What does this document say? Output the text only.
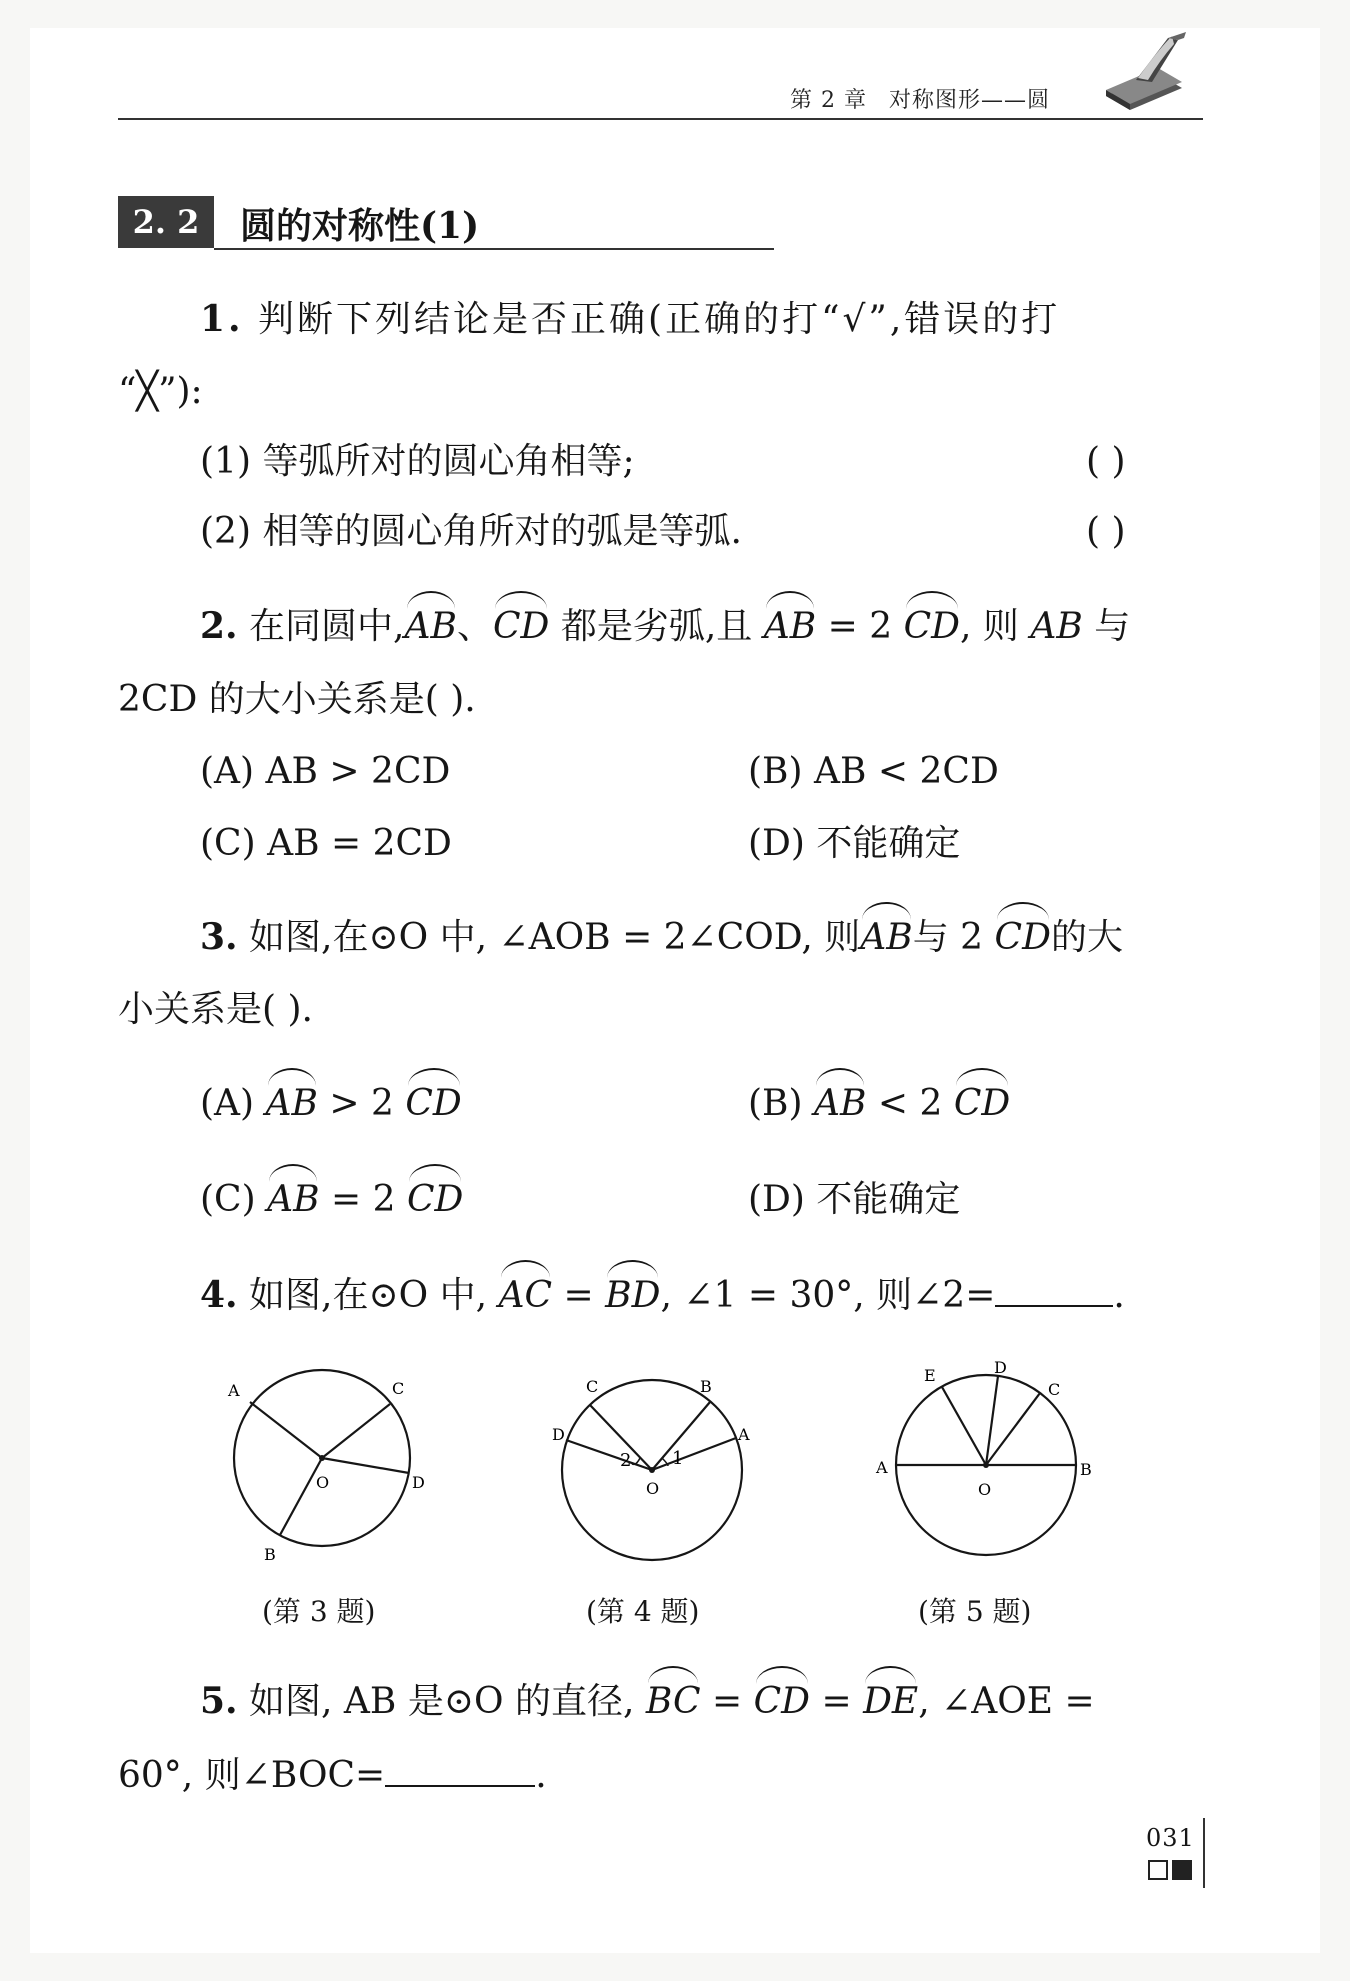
第 2 章 对称图形——圆
2. 2	圆的对称性(1)
1. 判断下列结论是否正确(正确的打“√”,错误的打
“╳”):
(1) 等弧所对的圆心角相等;	( )
(2) 相等的圆心角所对的弧是等弧.	( )
2. 在同圆中,AB、CD 都是劣弧,且 AB = 2 CD, 则 AB 与
2CD 的大小关系是( ).
(A) AB > 2CD	(B) AB < 2CD
(C) AB = 2CD	(D) 不能确定
3. 如图,在⊙O 中, ∠AOB = 2∠COD, 则AB与 2 CD的大
小关系是( ).
(A) AB > 2 CD	(B) AB < 2 CD
(C) AB = 2 CD	(D) 不能确定
4. 如图,在⊙O 中, AC = BD, ∠1 = 30°, 则∠2=	.
A	C
D
B
O
(第 3 题)
C
D
B
A
O
2 1
(第 4 题)
E	D
C
A	B
O
(第 5 题)
5. 如图, AB 是⊙O 的直径, BC = CD = DE, ∠AOE =
60°, 则∠BOC=	.
031
